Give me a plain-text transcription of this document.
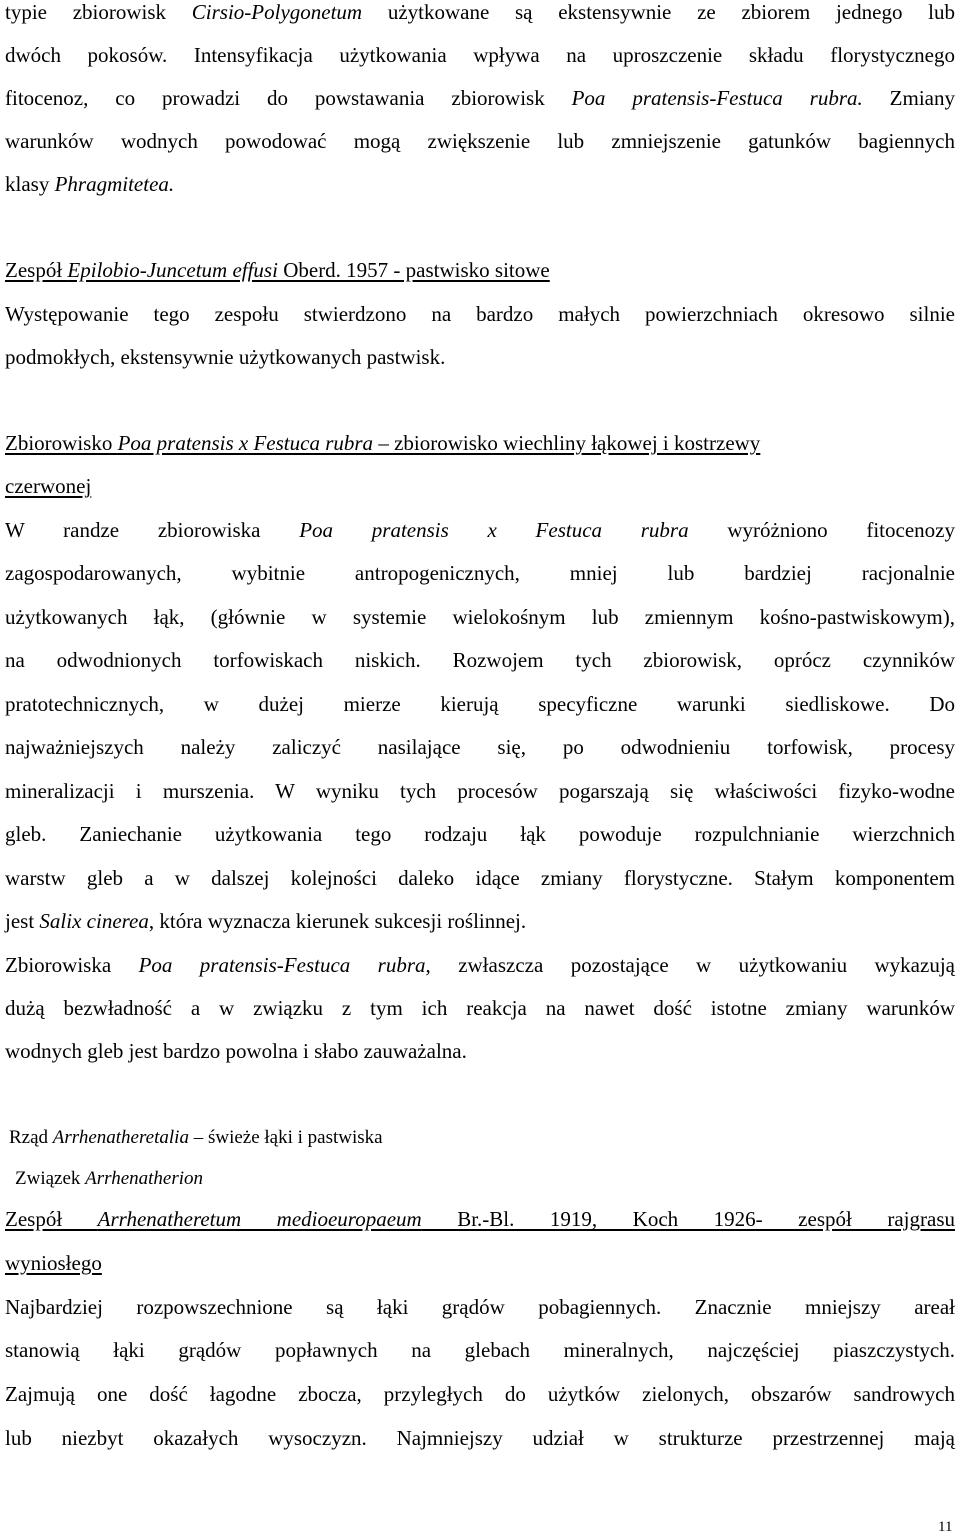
typie zbiorowisk Cirsio-Polygonetum użytkowane są ekstensywnie ze zbiorem jednego lub
dwóch pokosów. Intensyfikacja użytkowania wpływa na uproszczenie składu florystycznego
fitocenoz, co prowadzi do powstawania zbiorowisk Poa pratensis-Festuca rubra. Zmiany
warunków wodnych powodować mogą zwiększenie lub zmniejszenie gatunków bagiennych
klasy Phragmitetea.
Zespół Epilobio-Juncetum effusi Oberd. 1957 - pastwisko sitowe
Występowanie tego zespołu stwierdzono na bardzo małych powierzchniach okresowo silnie
podmokłych, ekstensywnie użytkowanych pastwisk.
Zbiorowisko Poa pratensis x Festuca rubra – zbiorowisko wiechliny łąkowej i kostrzewy
czerwonej
W randze zbiorowiska Poa pratensis x Festuca rubra wyróżniono fitocenozy
zagospodarowanych, wybitnie antropogenicznych, mniej lub bardziej racjonalnie
użytkowanych łąk, (głównie w systemie wielokośnym lub zmiennym kośno-pastwiskowym),
na odwodnionych torfowiskach niskich. Rozwojem tych zbiorowisk, oprócz czynników
pratotechnicznych, w dużej mierze kierują specyficzne warunki siedliskowe. Do
najważniejszych należy zaliczyć nasilające się, po odwodnieniu torfowisk, procesy
mineralizacji i murszenia. W wyniku tych procesów pogarszają się właściwości fizyko-wodne
gleb. Zaniechanie użytkowania tego rodzaju łąk powoduje rozpulchnianie wierzchnich
warstw gleb a w dalszej kolejności daleko idące zmiany florystyczne. Stałym komponentem
jest Salix cinerea, która wyznacza kierunek sukcesji roślinnej.
Zbiorowiska Poa pratensis-Festuca rubra, zwłaszcza pozostające w użytkowaniu wykazują
dużą bezwładność a w związku z tym ich reakcja na nawet dość istotne zmiany warunków
wodnych gleb jest bardzo powolna i słabo zauważalna.
Rząd Arrhenatheretalia – świeże łąki i pastwiska
Związek Arrhenatherion
Zespół Arrhenatheretum medioeuropaeum Br.-Bl. 1919, Koch 1926- zespół rajgrasu
wyniosłego
Najbardziej rozpowszechnione są łąki grądów pobagiennych. Znacznie mniejszy areał
stanowią łąki grądów popławnych na glebach mineralnych, najczęściej piaszczystych.
Zajmują one dość łagodne zbocza, przyległych do użytków zielonych, obszarów sandrowych
lub niezbyt okazałych wysoczyzn. Najmniejszy udział w strukturze przestrzennej mają
11
